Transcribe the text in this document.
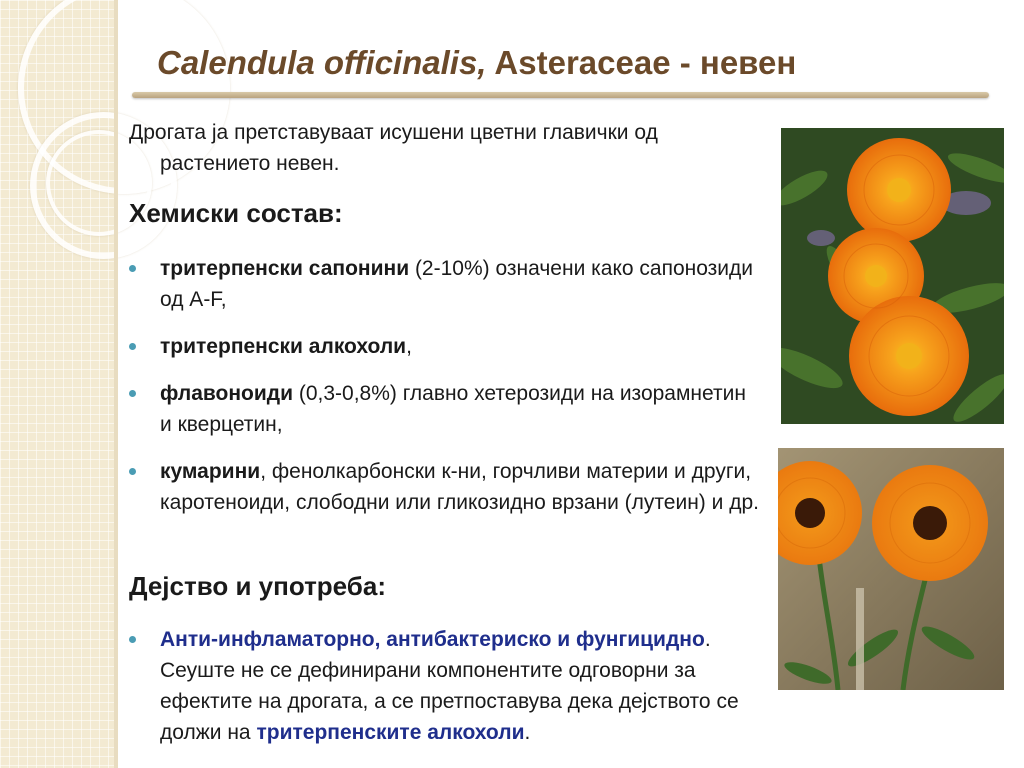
Calendula officinalis, Asteraceae - невен
Дрогата ја претставуваат исушени цветни главички од
растението невен.
Хемиски состав:
тритерпенски сапонини (2-10%) означени како сапонозиди од A-F,
тритерпенски алкохоли,
флавоноиди (0,3-0,8%) главно хетерозиди на изорамнетин и кверцетин,
кумарини, фенолкарбонски к-ни, горчливи материи и други, каротеноиди, слободни или гликозидно врзани (лутеин) и др.
Дејство и употреба:
Анти-инфламаторно, антибактериско и фунгицидно. Сеуште не се дефинирани компонентите одговорни за ефектите на дрогата, а се претпоставува дека дејството се должи на тритерпенските алкохоли.
